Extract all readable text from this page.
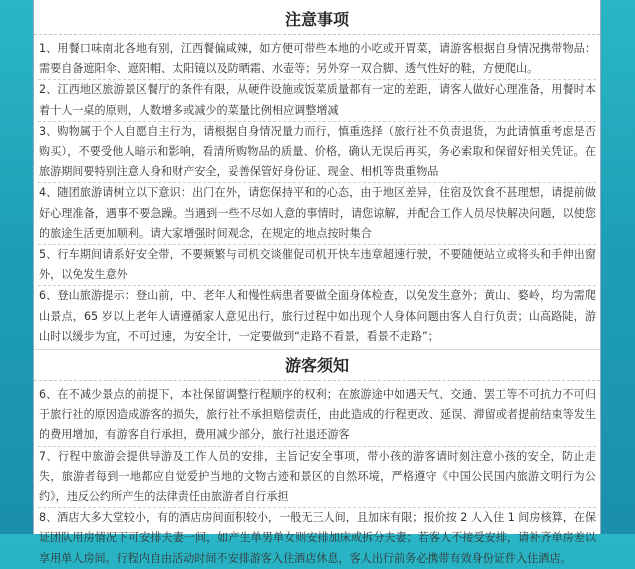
注意事项

1、用餐口味南北各地有别，江西餐偏咸辣，如方便可带些本地的小吃或开胃菜，请游客根据自身情况携带物品：需要自备遮阳伞、遮阳帽、太阳镜以及防晒霜、水壶等；另外穿一双合脚、透气性好的鞋，方便爬山。

2、江西地区旅游景区餐厅的条件有限，从硬件设施或饭菜质量都有一定的差距，请客人做好心理准备，用餐时本着十人一桌的原则，人数增多或减少的菜量比例相应调整增减

3、购物属于个人自愿自主行为，请根据自身情况量力而行，慎重选择（旅行社不负责退货，为此请慎重考虑是否购买），不要受他人暗示和影响，看清所购物品的质量、价格，确认无误后再买，务必索取和保留好相关凭证。在旅游期间要特别注意人身和财产安全，妥善保管好身份证、现金、相机等贵重物品

4、随团旅游请树立以下意识：出门在外，请您保持平和的心态，由于地区差异，住宿及饮食不甚理想，请提前做好心理准备，遇事不要急躁。当遇到一些不尽如人意的事情时，请您谅解，并配合工作人员尽快解决问题，以使您的旅途生活更加顺利。请大家增强时间观念，在规定的地点按时集合

5、行车期间请系好安全带，不要频繁与司机交谈催促司机开快车违章超速行驶，不要随便站立或将头和手伸出窗外，以免发生意外

6、登山旅游提示：登山前，中、老年人和慢性病患者要做全面身体检查，以免发生意外；黄山、婺岭，均为需爬山景点，65 岁以上老年人请遵循家人意见出行，旅行过程中如出现个人身体问题由客人自行负责；山高路陡，游山时以缓步为宜，不可过速，为安全计，一定要做到“走路不看景，看景不走路”；

游客须知

6、在不减少景点的前提下，本社保留调整行程顺序的权利；在旅游途中如遇天气、交通、罢工等不可抗力不可归于旅行社的原因造成游客的损失，旅行社不承担赔偿责任，由此造成的行程更改、延误、滞留或者提前结束等发生的费用增加，有游客自行承担，费用减少部分，旅行社退还游客

7、行程中旅游会提供导游及工作人员的安排，主旨记安全事项，带小孩的游客请时刻注意小孩的安全，防止走失，旅游者每到一地都应自觉爱护当地的文物古迹和景区的自然环境，严格遵守《中国公民国内旅游文明行为公约》，违反公约所产生的法律责任由旅游者自行承担

8、酒店大多大堂较小，有的酒店房间面积较小，一般无三人间，且加床有限；报价按 2 人入住 1 间房核算，在保证团队用房情况下可安排夫妻一间，如产生单男单女则安排加床或拆分夫妻；若客人不接受安排，请补齐单房差以享用单人房间。行程内自由活动时间不安排游客入住酒店休息，客人出行前务必携带有效身份证件入住酒店。
